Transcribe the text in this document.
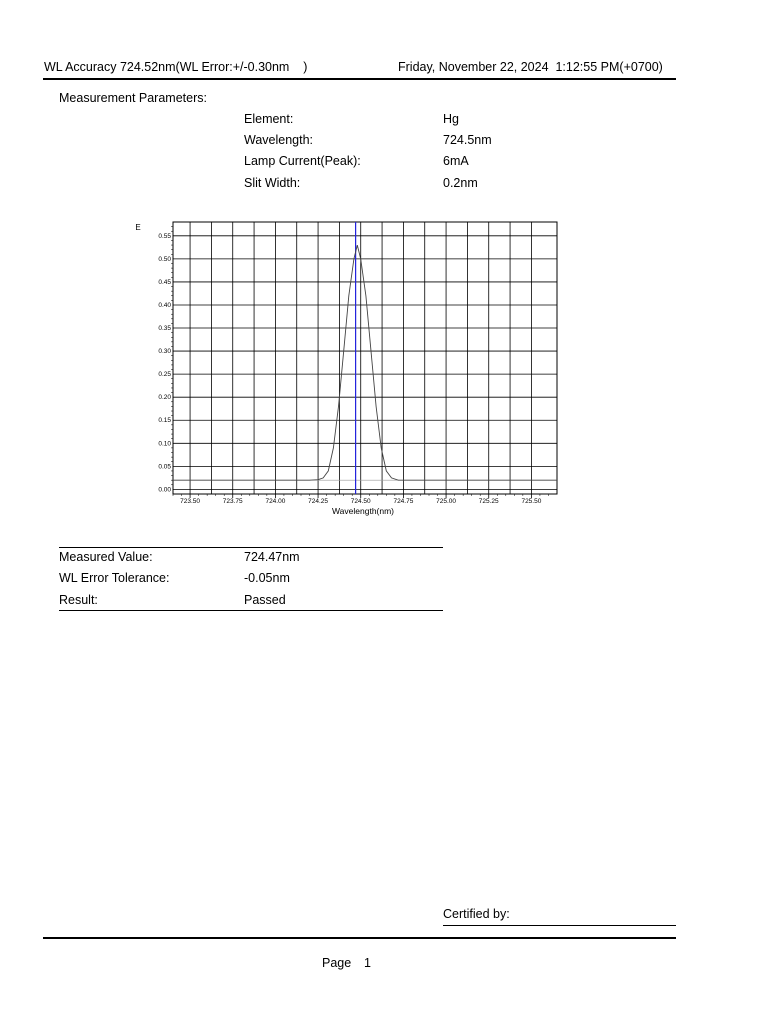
WL Accuracy 724.52nm(WL Error:+/-0.30nm    )	Friday, November 22, 2024  1:12:55 PM(+0700)
Measurement Parameters:
Element:	Hg
Wavelength:	724.5nm
Lamp Current(Peak):	6mA
Slit Width:	0.2nm
723.50	723.75	724.00	724.25	724.50	724.75	725.00	725.25	725.50
0.00
0.05
0.10
0.15
0.20
0.25
0.30
0.35
0.40
0.45
0.50
0.55
E
Wavelength(nm)
Measured Value:	724.47nm
WL Error Tolerance:	-0.05nm
Result:	Passed
Certified by:
Page 1
